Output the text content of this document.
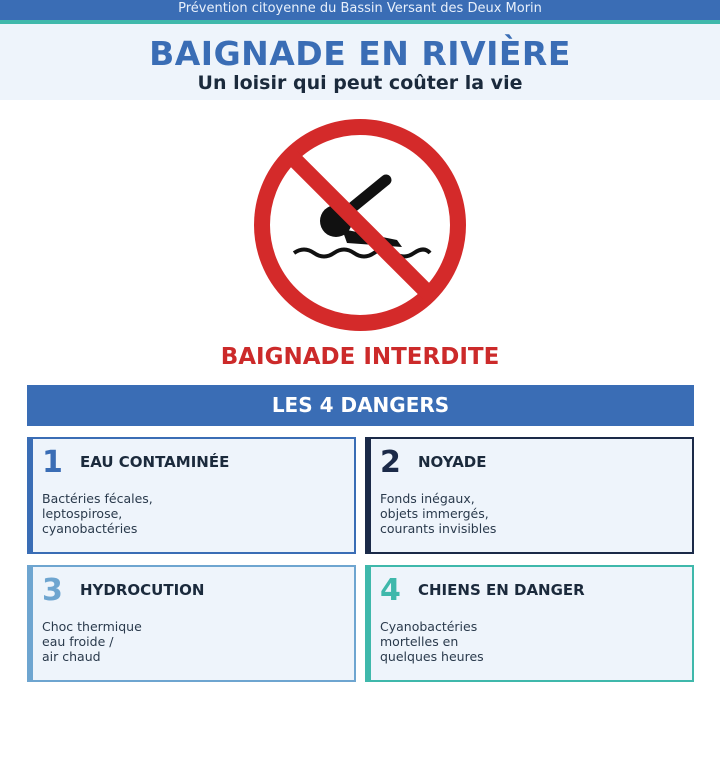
Prévention citoyenne du Bassin Versant des Deux Morin
BAIGNADE EN RIVIÈRE
Un loisir qui peut coûter la vie
BAIGNADE INTERDITE
LES 4 DANGERS
1 EAU CONTAMINÉE
Bactéries fécales,
leptospirose,
cyanobactéries
2 NOYADE
Fonds inégaux,
objets immergés,
courants invisibles
3 HYDROCUTION
Choc thermique
eau froide /
air chaud
4 CHIENS EN DANGER
Cyanobactéries
mortelles en
quelques heures
